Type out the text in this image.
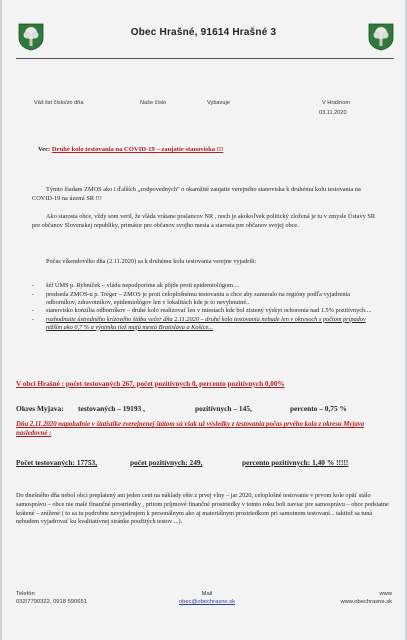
Obec Hrašné, 91614 Hrašné 3
Váš list číslo/zo dňa	Naše číslo	Vybavuje	V Hrašnom
03.11.2020
Vec: Druhé kolo testovania na COVID-19 – zaujatie stanoviska !!!
Týmto žiadam ZMOS ako i ďalších „zodpovedných" o okamžité zaujatie verejného stanoviska k druhému kolu testovania na COVID-19 na území SR !!!
Ako starosta obce, vždy som veril, že vláda vrátane poslancov NR , noch je akokoľvek politický zložená je tu v zmysle Ústavy SR pre občanov Slovenskej republiky, primátor pre občanov svojho mesta a starosta pre občanov svojej obce.
Počas víkendového dňa (2.11.2020) sa k druhému kolu testovania verejne vyjadrili:
- šéf ÚMS p. Rybníček – vládu nepodporíme ak pôjde proti epidemiológom ...
- predseda ZMOS-u p. Tréger – ZMOS je proti celoplošnému testovaniu a chce aby zameralo na regióny podľa vyjadrenia odborníkov, zdravotníkov, epidemiológov len v lokalitách kde je to nevyhnutné..
- stanovisko konzília odborníkov – druhé kolo realizovať len v miestach kde bol zistený výskyt ochorenia nad 1.5% pozitívnych....
- rozhodnutie ústredného krízového štábu večer dňa 2.11.2020 – druhé kolo testovania nebude len v okresoch s počtom prípadov nižším ako 0,7 % a výnimku tiež majú mestá Bratislava a Košice...
V obci Hrašné : počet testovaných 267, počet pozitívnych 0, percento pozitívnych 0,00%
Okres Myjava: testovaných – 19193 ,	pozitívnych – 145,	percento – 0,75 %
Dňa 2.11.2020 napoludnie v štatistike zverejnenej štátom sú však už výsledky z testovania počas prvého kola z okresu Myjava nasledovné :
Počet testovaných: 17753,	počet pozitívnych: 249,	percento pozitívnych: 1,40 % !!!!!
Do dnešného dňa nebol obci preplatený ani jeden cent na náklady ešte z prvej vlny – jar 2020, celoplošné testovanie v prvom kole opäť stálo samosprávu – obce nie malé finančné prostriedky , pritom príjmové finančné prostriedky v tomto roku boli naviac pre samosprávu – obce podstatne krátené – znížené ( to sa tu podrobne nevyjadrujem k personálnym ako aj materiálnym prostriedkom pri samotnom testovaní... taktiež sa tuná nebudem vyjadrovať ku kvalitatívnej stránke použitých testov ...).
Telefón
032/7790322, 0918 590651
Mail
obec@obechrasne.sk
www
www.obechrasne.sk
